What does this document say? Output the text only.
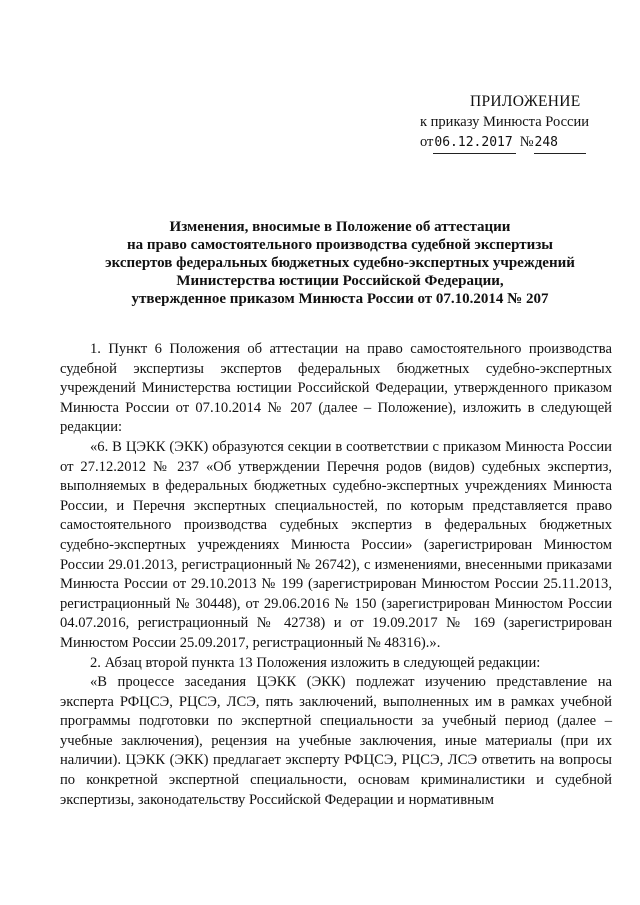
ПРИЛОЖЕНИЕ
к приказу Минюста России
от 06.12.2017 № 248
Изменения, вносимые в Положение об аттестации
на право самостоятельного производства судебной экспертизы
экспертов федеральных бюджетных судебно-экспертных учреждений
Министерства юстиции Российской Федерации,
утвержденное приказом Минюста России от 07.10.2014 № 207

1. Пункт 6 Положения об аттестации на право самостоятельного производства судебной экспертизы экспертов федеральных бюджетных судебно-экспертных учреждений Министерства юстиции Российской Федерации, утвержденного приказом Минюста России от 07.10.2014 № 207 (далее – Положение), изложить в следующей редакции:

«6. В ЦЭКК (ЭКК) образуются секции в соответствии с приказом Минюста России от 27.12.2012 № 237 «Об утверждении Перечня родов (видов) судебных экспертиз, выполняемых в федеральных бюджетных судебно-экспертных учреждениях Минюста России, и Перечня экспертных специальностей, по которым представляется право самостоятельного производства судебных экспертиз в федеральных бюджетных судебно-экспертных учреждениях Минюста России» (зарегистрирован Минюстом России 29.01.2013, регистрационный № 26742), с изменениями, внесенными приказами Минюста России от 29.10.2013 № 199 (зарегистрирован Минюстом России 25.11.2013, регистрационный № 30448), от 29.06.2016 № 150 (зарегистрирован Минюстом России 04.07.2016, регистрационный № 42738) и от 19.09.2017 № 169 (зарегистрирован Минюстом России 25.09.2017, регистрационный № 48316).».

2. Абзац второй пункта 13 Положения изложить в следующей редакции:

«В процессе заседания ЦЭКК (ЭКК) подлежат изучению представление на эксперта РФЦСЭ, РЦСЭ, ЛСЭ, пять заключений, выполненных им в рамках учебной программы подготовки по экспертной специальности за учебный период (далее – учебные заключения), рецензия на учебные заключения, иные материалы (при их наличии). ЦЭКК (ЭКК) предлагает эксперту РФЦСЭ, РЦСЭ, ЛСЭ ответить на вопросы по конкретной экспертной специальности, основам криминалистики и судебной экспертизы, законодательству Российской Федерации и нормативным
